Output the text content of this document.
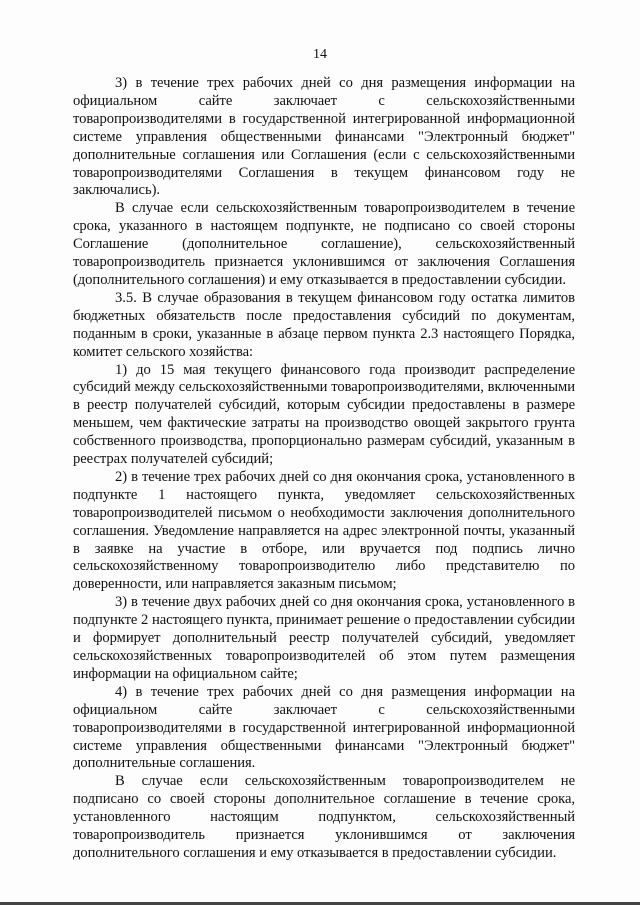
14

3) в течение трех рабочих дней со дня размещения информации на официальном сайте заключает с сельскохозяйственными товаропроизводителями в государственной интегрированной информационной системе управления общественными финансами "Электронный бюджет" дополнительные соглашения или Соглашения (если с сельскохозяйственными товаропроизводителями Соглашения в текущем финансовом году не заключались).

В случае если сельскохозяйственным товаропроизводителем в течение срока, указанного в настоящем подпункте, не подписано со своей стороны Соглашение (дополнительное соглашение), сельскохозяйственный товаропроизводитель признается уклонившимся от заключения Соглашения (дополнительного соглашения) и ему отказывается в предоставлении субсидии.

3.5. В случае образования в текущем финансовом году остатка лимитов бюджетных обязательств после предоставления субсидий по документам, поданным в сроки, указанные в абзаце первом пункта 2.3 настоящего Порядка, комитет сельского хозяйства:

1) до 15 мая текущего финансового года производит распределение субсидий между сельскохозяйственными товаропроизводителями, включенными в реестр получателей субсидий, которым субсидии предоставлены в размере меньшем, чем фактические затраты на производство овощей закрытого грунта собственного производства, пропорционально размерам субсидий, указанным в реестрах получателей субсидий;

2) в течение трех рабочих дней со дня окончания срока, установленного в подпункте 1 настоящего пункта, уведомляет сельскохозяйственных товаропроизводителей письмом о необходимости заключения дополнительного соглашения. Уведомление направляется на адрес электронной почты, указанный в заявке на участие в отборе, или вручается под подпись лично сельскохозяйственному товаропроизводителю либо представителю по доверенности, или направляется заказным письмом;

3) в течение двух рабочих дней со дня окончания срока, установленного в подпункте 2 настоящего пункта, принимает решение о предоставлении субсидии и формирует дополнительный реестр получателей субсидий, уведомляет сельскохозяйственных товаропроизводителей об этом путем размещения информации на официальном сайте;

4) в течение трех рабочих дней со дня размещения информации на официальном сайте заключает с сельскохозяйственными товаропроизводителями в государственной интегрированной информационной системе управления общественными финансами "Электронный бюджет" дополнительные соглашения.

В случае если сельскохозяйственным товаропроизводителем не подписано со своей стороны дополнительное соглашение в течение срока, установленного настоящим подпунктом, сельскохозяйственный товаропроизводитель признается уклонившимся от заключения дополнительного соглашения и ему отказывается в предоставлении субсидии.
